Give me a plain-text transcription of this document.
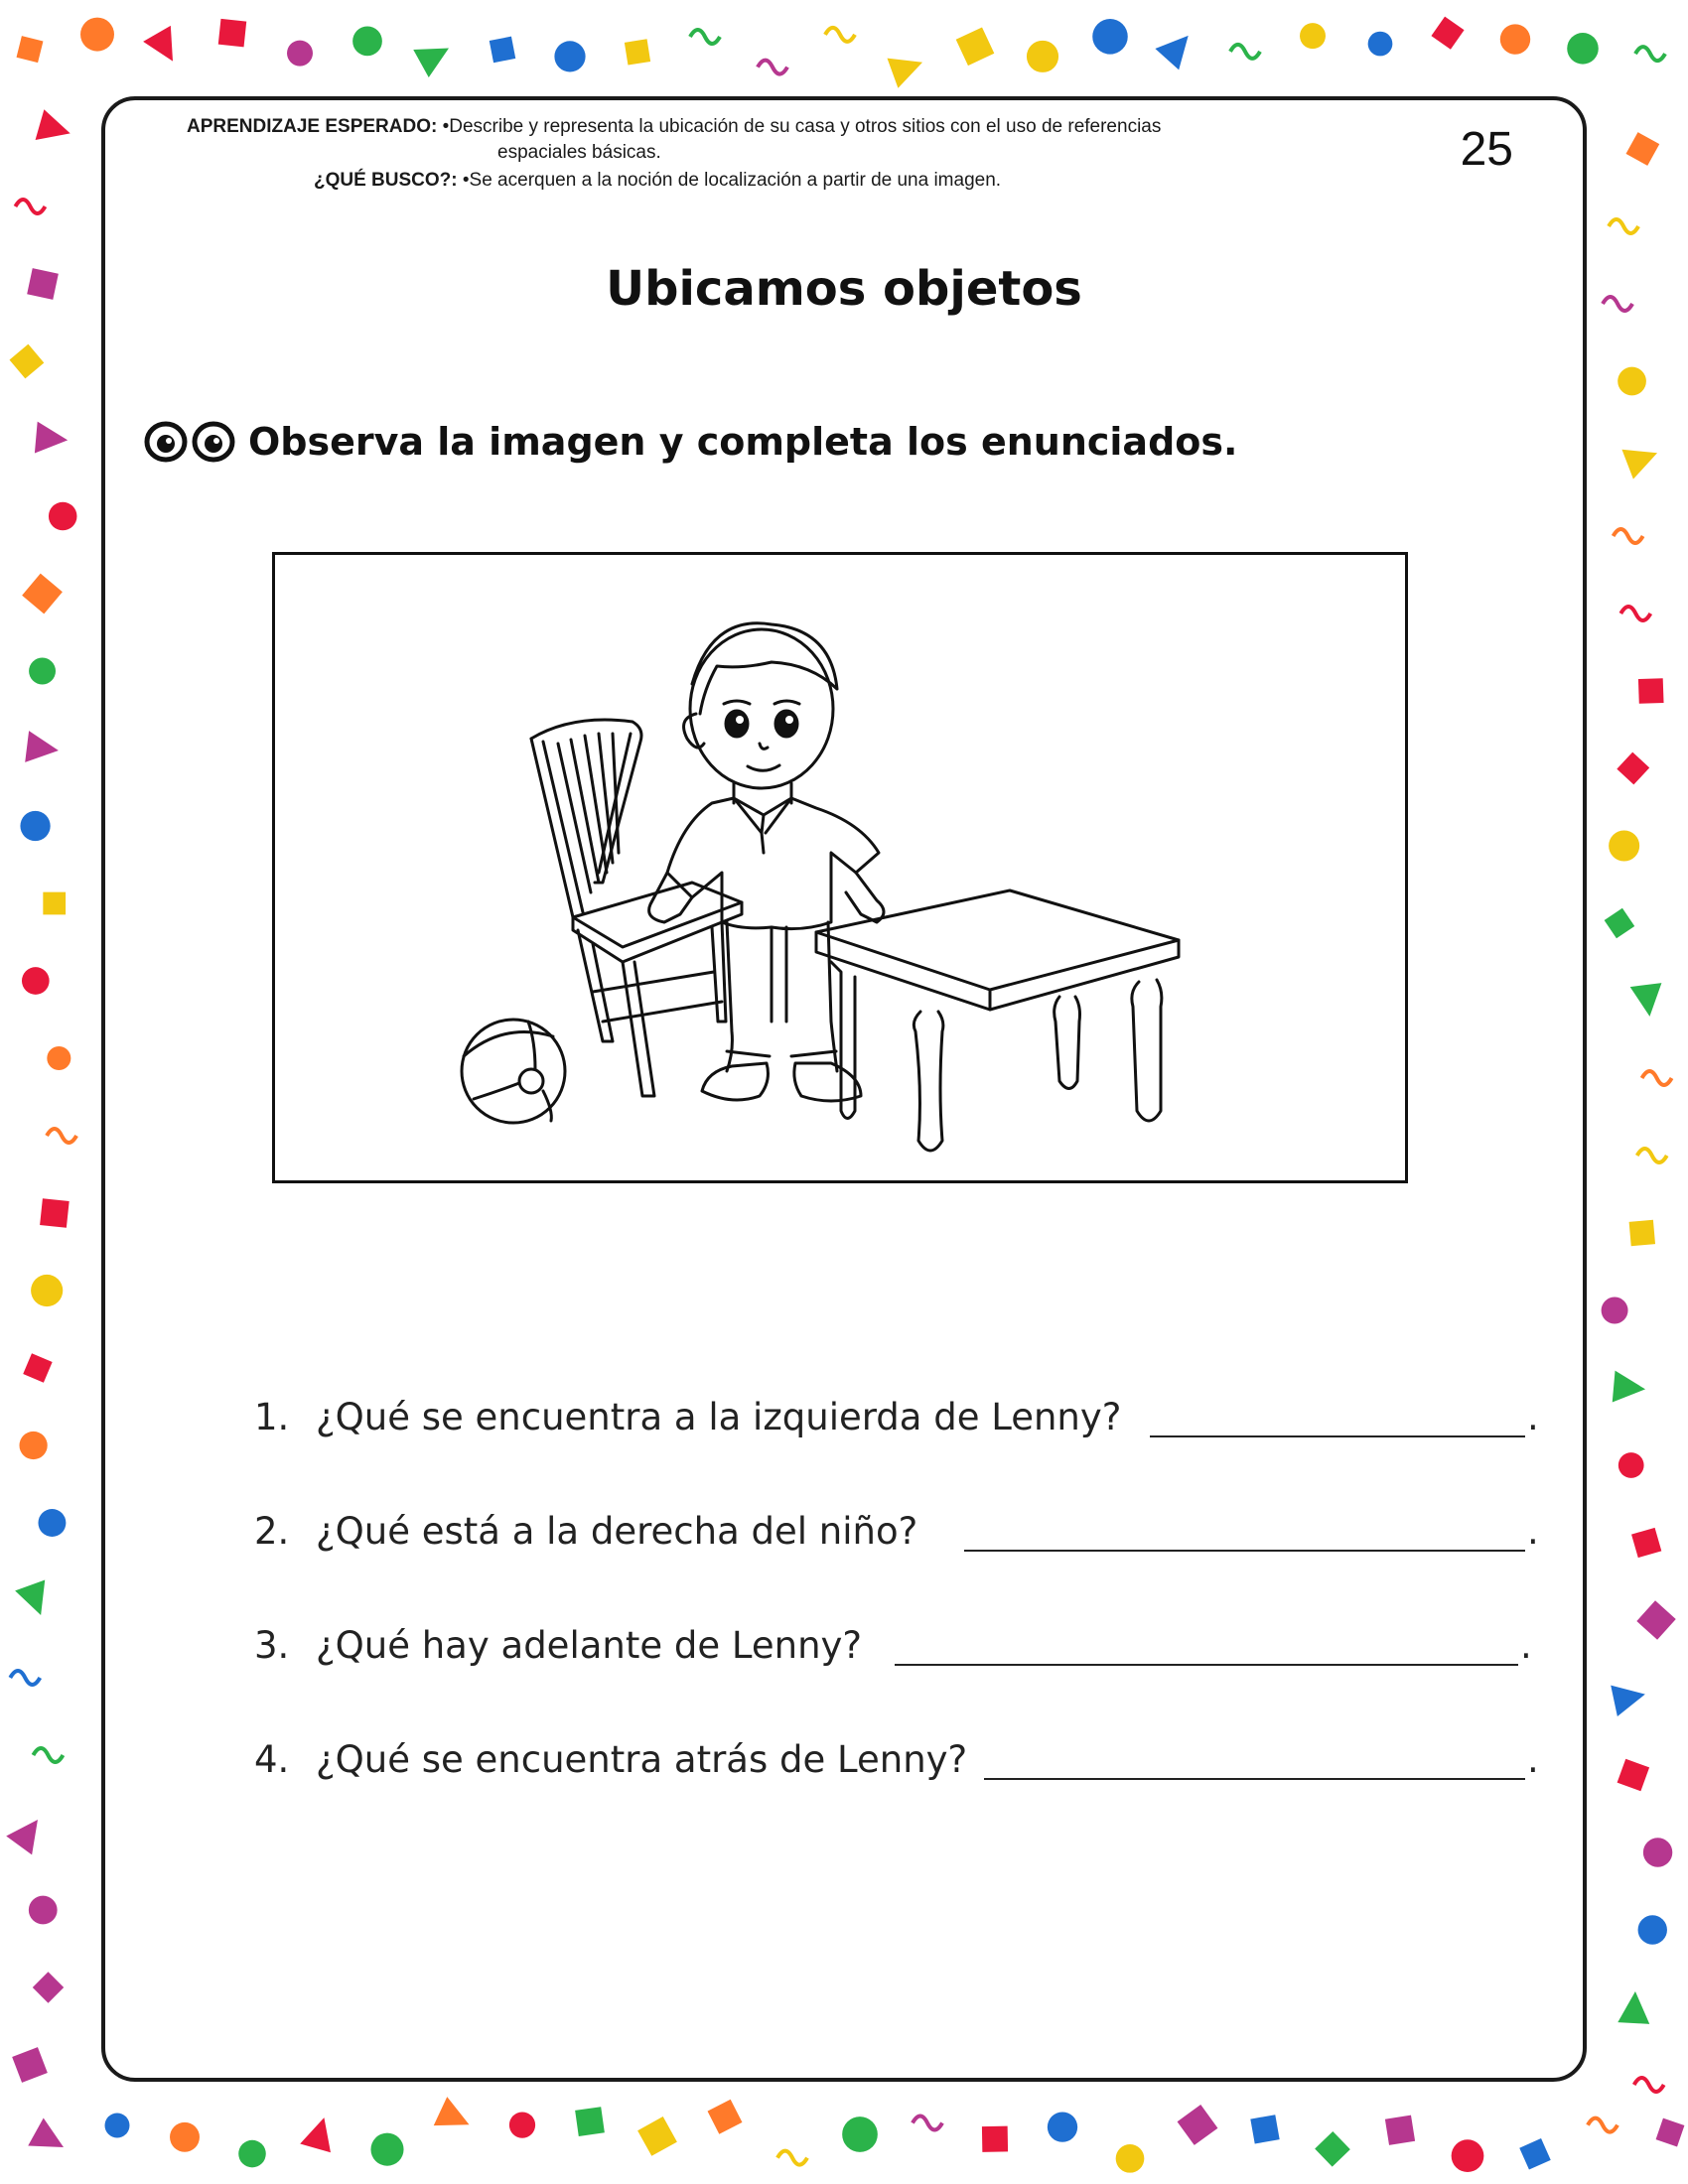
APRENDIZAJE ESPERADO: •Describe y representa la ubicación de su casa y otros sitios con el uso de referencias
espaciales básicas.
¿QUÉ BUSCO?: •Se acerquen a la noción de localización a partir de una imagen.
25
Ubicamos objetos
Observa la imagen y completa los enunciados.
1. ¿Qué se encuentra a la izquierda de Lenny?	.
2. ¿Qué está a la derecha del niño?	.
3. ¿Qué hay adelante de Lenny?	.
4. ¿Qué se encuentra atrás de Lenny?	.
